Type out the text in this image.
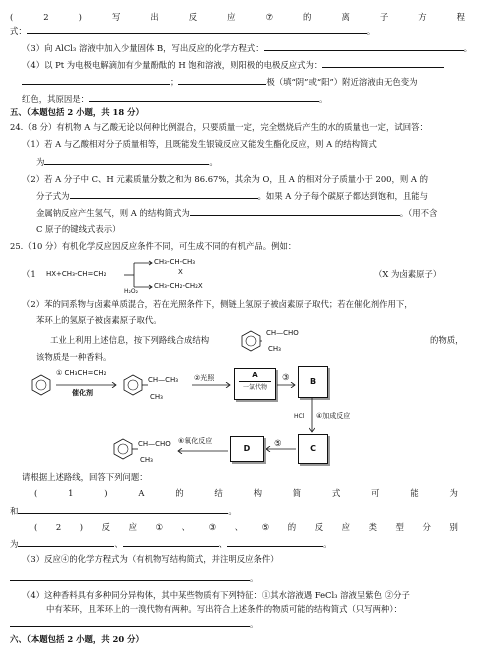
(	2	)	写	出	反	应	⑦	的	离	子	方	程
式：	。
（3）向 AlCl₃ 溶液中加入少量固体 B，写出反应的化学方程式：	。
（4）以 Pt 为电极电解滴加有少量酚酞的 H 饱和溶液，则阳极的电极反应式为：
；	极（填“阴”或“阳”）附近溶液由无色变为
红色，其原因是：	。
五、（本题包括 2 小题，共 18 分）
24.（8 分）有机物 A 与乙酸无论以何种比例混合，只要质量一定，完全燃烧后产生的水的质量也一定，试回答：
（1）若 A 与乙酸相对分子质量相等，且既能发生银镜反应又能发生酯化反应，则 A 的结构简式
为	。
（2）若 A 分子中 C、H 元素质量分数之和为 86.67%，其余为 O，且 A 的相对分子质量小于 200，则 A 的
分子式为	。如果 A 分子每个碳原子都达到饱和，且能与
金属钠反应产生氢气，则 A 的结构简式为	。（用不含
C 原子的键线式表示）
25.（10 分）有机化学反应因反应条件不同，可生成不同的有机产品。例如：
（1 HX+CH₃-CH=CH₂
CH₃-CH-CH₃
X
H₂O₂
CH₃-CH₂-CH₂X
（X 为卤素原子）
（2）苯的同系物与卤素单质混合，若在光照条件下，侧链上氢原子被卤素原子取代；若在催化剂作用下，
苯环上的氢原子被卤素原子取代。
工业上利用上述信息，按下列路线合成结构
CH—CHO
CH₃
的物质，
该物质是一种香料。
① CH₃CH=CH₂
催化剂
CH—CH₃
CH₃
②光照	A
一氯代物
③	B
HCl ④加成反应
C
⑤
D
⑥氧化反应
CH—CHO
CH₃
请根据上述路线，回答下列问题：
(	1	)	A	的	结	构	简	式	可	能	为
和	。
( 2 ) 反 应 ① 、 ③ 、 ⑤ 的 反 应 类 型 分 别
为	、	、	。
（3）反应④的化学方程式为（有机物写结构简式，并注明反应条件）
。
（4）这种香料具有多种同分异构体，其中某些物质有下列特征：①其水溶液遇 FeCl₃ 溶液呈紫色 ②分子
中有苯环，且苯环上的一溴代物有两种。写出符合上述条件的物质可能的结构简式（只写两种）：
。
六、（本题包括 2 小题，共 20 分）
